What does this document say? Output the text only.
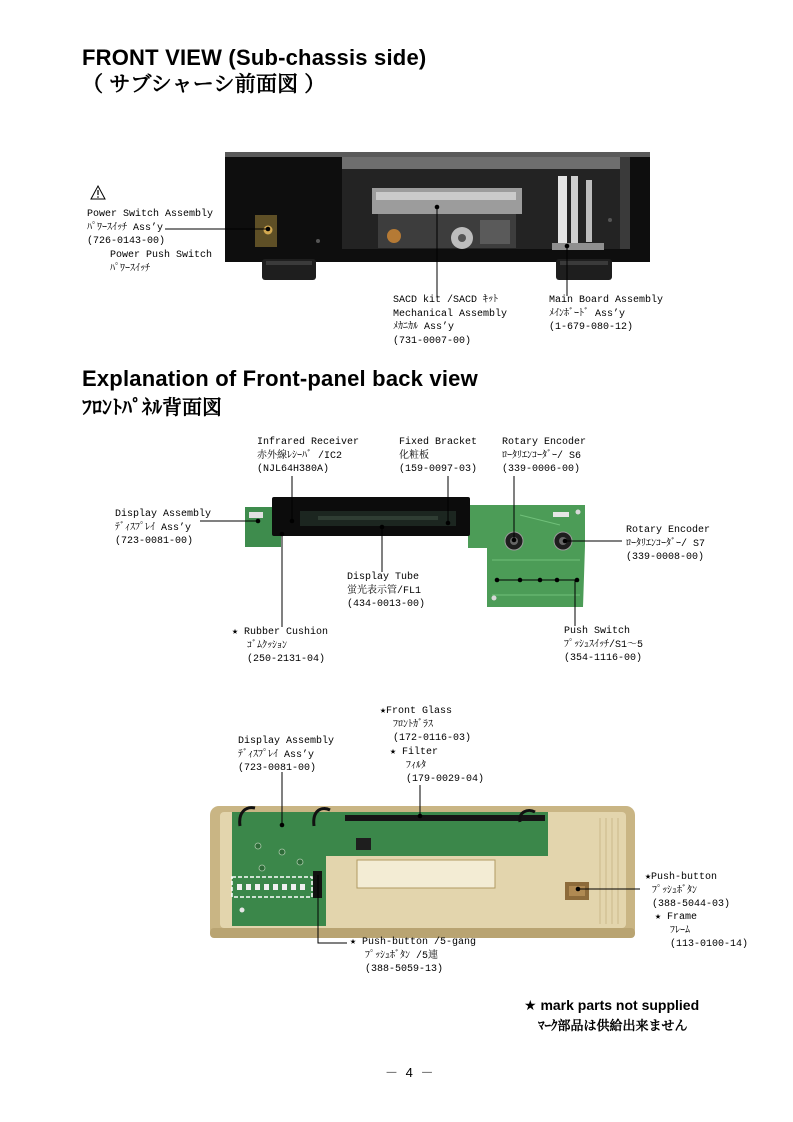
FRONT VIEW (Sub-chassis side)
（ サブシャーシ前面図 ）
Power Switch Assembly
ﾊﾟﾜｰｽｲｯﾁ Ass’y
(726-0143-00)
Power Push Switch
ﾊﾟﾜｰｽｲｯﾁ
SACD kit /SACD ｷｯﾄ
Mechanical Assembly
ﾒｶﾆｶﾙ Ass’y
(731-0007-00)
Main Board Assembly
ﾒｲﾝﾎﾞｰﾄﾞ Ass’y
(1-679-080-12)
Explanation of Front-panel back view
ﾌﾛﾝﾄﾊﾟﾈﾙ背面図
Infrared Receiver
赤外線ﾚｼｰﾊﾞ /IC2
(NJL64H380A)
Fixed Bracket
化粧板
(159-0097-03)
Rotary Encoder
ﾛｰﾀﾘｴﾝｺｰﾀﾞｰ/ S6
(339-0006-00)
Display Assembly
ﾃﾞｨｽﾌﾟﾚｲ Ass’y
(723-0081-00)
Rotary Encoder
ﾛｰﾀﾘｴﾝｺｰﾀﾞｰ/ S7
(339-0008-00)
Display Tube
蛍光表示管/FL1
(434-0013-00)
★ Rubber Cushion
ｺﾞﾑｸｯｼｮﾝ
(250-2131-04)
Push Switch
ﾌﾟｯｼｭｽｲｯﾁ/S1～5
(354-1116-00)
★Front Glass
ﾌﾛﾝﾄｶﾞﾗｽ
(172-0116-03)
★ Filter
ﾌｨﾙﾀ
(179-0029-04)
Display Assembly
ﾃﾞｨｽﾌﾟﾚｲ Ass’y
(723-0081-00)
★Push-button
ﾌﾟｯｼｭﾎﾞﾀﾝ
(388-5044-03)
★ Frame
ﾌﾚｰﾑ
(113-0100-14)
★ Push-button /5-gang
ﾌﾟｯｼｭﾎﾞﾀﾝ /5連
(388-5059-13)
★ mark parts not supplied
ﾏｰｸ部品は供給出来ません
－ 4 －
